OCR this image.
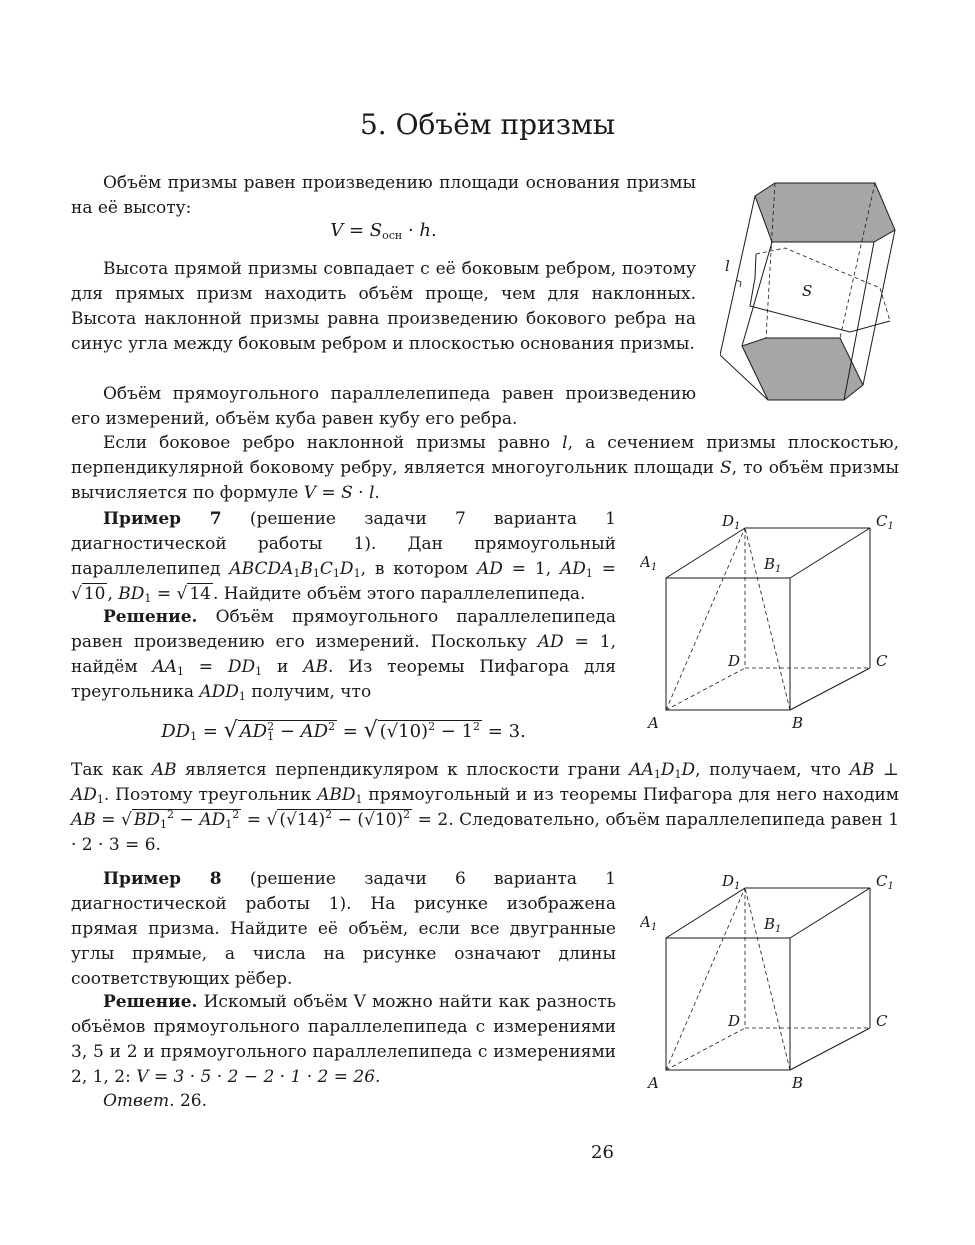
5. Объём призмы

Объём призмы равен произведению площади основания призмы на её высоту:

$V = S_{осн} \cdot h$.

Высота прямой призмы совпадает с её боковым ребром, поэтому для прямых призм находить объём проще, чем для наклонных. Высота наклонной призмы равна произведению бокового ребра на синус угла между боковым ребром и плоскостью основания призмы.

Объём прямоугольного параллелепипеда равен произведению его измерений, объём куба равен кубу его ребра.

Если боковое ребро наклонной призмы равно l, а сечением призмы плоскостью, перпендикулярной боковому ребру, является многоугольник площади S, то объём призмы вычисляется по формуле V = S · l.

l
S

Пример 7 (решение задачи 7 варианта 1 диагностической работы 1). Дан прямоугольный параллелепипед $ABCDA_1B_1C_1D_1$, в котором AD = 1, $AD_1$ = √ 10 , $BD_1$ = √ 14 . Найдите объём этого параллелепипеда.

Решение. Объём прямоугольного параллелепипеда равен произведению его измерений. Поскольку AD = 1, найдём $AA_1 = DD_1$ и AB. Из теоремы Пифагора для треугольника $ADD_1$ получим, что

$DD_1$ = √ $AD^2_1 - AD^2$ = √ $(√10)^2 - 1^2 = 3$.

Так как AB является перпендикуляром к плоскости грани $AA_1D_1D$, получаем, что AB ⊥ $AD_1$. Поэтому треугольник $ABD_1$ прямоугольный и из теоремы Пифагора для него находим AB = √ $BD_1^2 - AD_1^2$ = √ $(√14)^2 - (√10)^2 = 2$. Следовательно, объём параллелепипеда равен 1 · 2 · 3 = 6.

$D_1$	$C_1$
$A_1$	$B_1$
D	C
A	B

Пример 8 (решение задачи 6 варианта 1 диагностической работы 1). На рисунке изображена прямая призма. Найдите её объём, если все двугранные углы прямые, а числа на рисунке означают длины соответствующих рёбер.

Решение. Искомый объём V можно найти как разность объёмов прямоугольного параллелепипеда с измерениями 3, 5 и 2 и прямоугольного параллелепипеда с измерениями 2, 1, 2: V = 3 · 5 · 2 − 2 · 1 · 2 = 26.

Ответ. 26.

$D_1$	$C_1$
$A_1$	$B_1$
D	C
A	B
26
